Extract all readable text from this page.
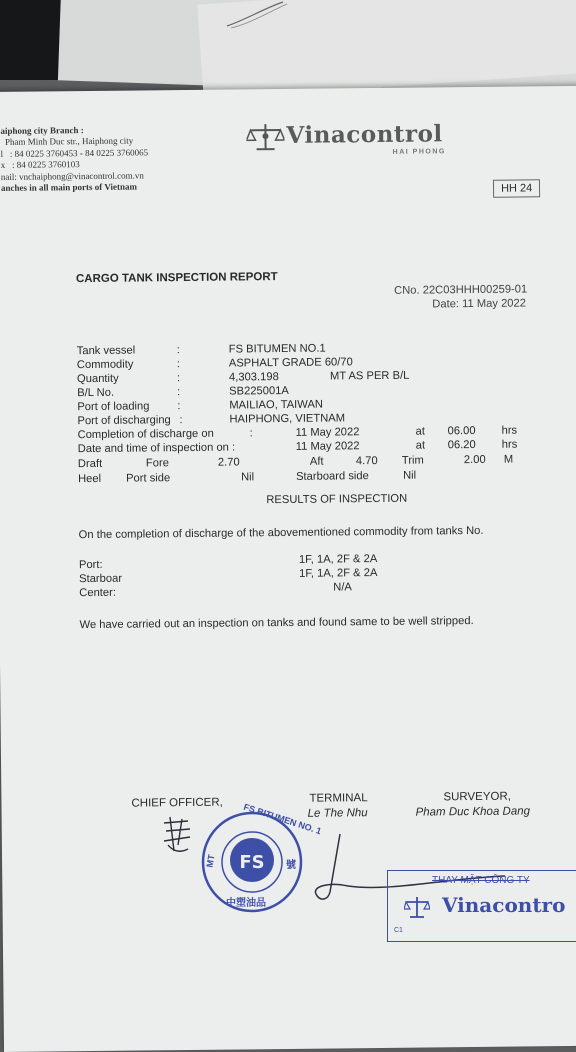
aiphong city Branch :
Pham Minh Duc str., Haiphong city
l   : 84 0225 3760453 - 84 0225 3760065
x   : 84 0225 3760103
nail: vnchaiphong@vinacontrol.com.vn
anches in all main ports of Vietnam
Vinacontrol
HAI PHONG
HH 24
CARGO TANK INSPECTION REPORT
CNo. 22C03HHH00259-01
Date: 11 May 2022
Tank vessel	:	FS BITUMEN NO.1
Commodity	:	ASPHALT GRADE 60/70
Quantity	:	4,303.198	MT AS PER B/L
B/L No.	:	SB225001A
Port of loading :	MAILIAO, TAIWAN
Port of discharging :	HAIPHONG, VIETNAM
Completion of discharge on	:	11 May 2022	at 06.00 hrs
Date and time of inspection on :	11 May 2022	at 06.20 hrs
Draft	Fore	2.70	Aft	4.70 Trim	2.00 M
Heel Port side	Nil	Starboard side	Nil
RESULTS OF INSPECTION
On the completion of discharge of the abovementioned commodity from tanks No.
Port:	1F, 1A, 2F & 2A
Starboar	1F, 1A, 2F & 2A
Center:	N/A
We have carried out an inspection on tanks and found same to be well stripped.
CHIEF OFFICER,	TERMINAL
Le The Nhu
SURVEYOR,
Pham Duc Khoa Dang
FS
FS BITUMEN NO. 1
MT
中塑油品
號
THAY MẶT CÔNG TY
Vinacontro
C1
